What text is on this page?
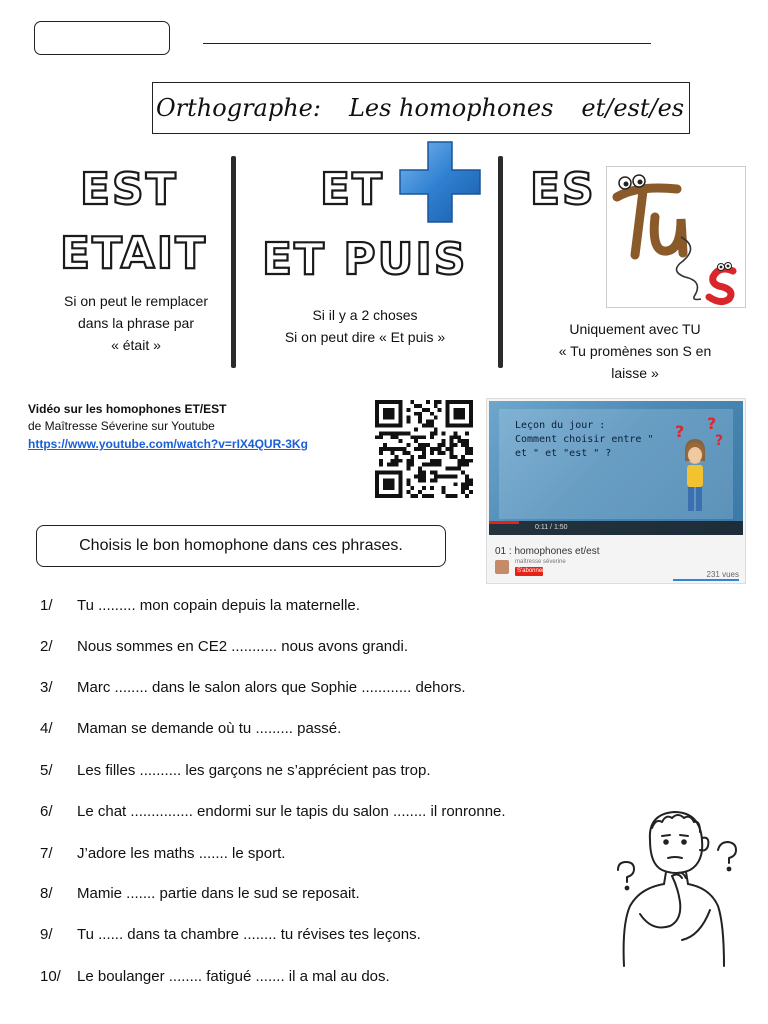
Orthographe: Les homophones et/est/es
EST
ETAIT
Si on peut le remplacer
dans la phrase par
« était »
ET
ET PUIS
Si il y a 2 choses
Si on peut dire « Et puis »
ES
Uniquement avec TU
« Tu promènes son S en
laisse »
Vidéo sur les homophones ET/EST
de Maîtresse Séverine sur Youtube
https://www.youtube.com/watch?v=rIX4QUR-3Kg
Leçon du jour :
Comment choisir entre "
et " et "est " ?
? ?
?
0:11 / 1:50
01 : homophones et/est
maîtresse séverine
S'abonner	231 vues
Choisis le bon homophone dans ces phrases.
1/ Tu ......... mon copain depuis la maternelle.
2/ Nous sommes en CE2 ........... nous avons grandi.
3/ Marc ........ dans le salon alors que Sophie ............ dehors.
4/ Maman se demande où tu ......... passé.
5/ Les filles .......... les garçons ne s’apprécient pas trop.
6/ Le chat ............... endormi sur le tapis du salon ........ il ronronne.
7/ J’adore les maths ....... le sport.
8/ Mamie ....... partie dans le sud se reposait.
9/ Tu ...... dans ta chambre ........ tu révises tes leçons.
10/ Le boulanger ........ fatigué ....... il a mal au dos.
